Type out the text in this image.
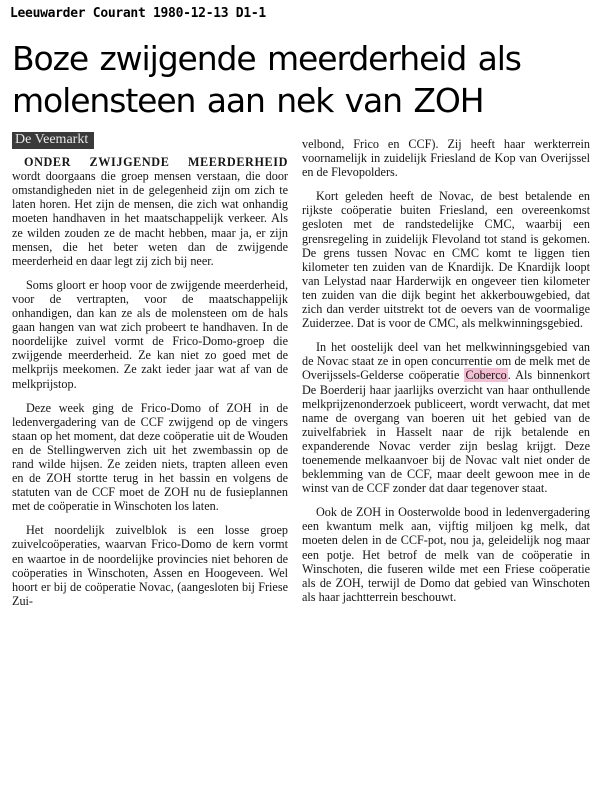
Leeuwarder Courant 1980-12-13 D1-1
Boze zwijgende meerderheid als
molensteen aan nek van ZOH
De Veemarkt

ONDER ZWIJGENDE MEERDERHEID wordt doorgaans die groep mensen verstaan, die door omstandigheden niet in de gelegenheid zijn om zich te laten horen. Het zijn de mensen, die zich wat onhandig moeten handhaven in het maatschappelijk verkeer. Als ze wilden zouden ze de macht hebben, maar ja, er zijn mensen, die het beter weten dan de zwijgende meerderheid en daar legt zij zich bij neer.

Soms gloort er hoop voor de zwijgende meerderheid, voor de vertrapten, voor de maatschappelijk onhandigen, dan kan ze als de molensteen om de hals gaan hangen van wat zich probeert te handhaven. In de noordelijke zuivel vormt de Frico-Domo-groep die zwijgende meerderheid. Ze kan niet zo goed met de melkprijs meekomen. Ze zakt ieder jaar wat af van de melkprijstop.

Deze week ging de Frico-Domo of ZOH in de ledenvergadering van de CCF zwijgend op de vingers staan op het moment, dat deze coöperatie uit de Wouden en de Stellingwerven zich uit het zwembassin op de rand wilde hijsen. Ze zeiden niets, trapten alleen even en de ZOH stortte terug in het bassin en volgens de statuten van de CCF moet de ZOH nu de fusieplannen met de coöperatie in Winschoten los laten.

Het noordelijk zuivelblok is een losse groep zuivelcoöperaties, waarvan Frico-Domo de kern vormt en waartoe in de noordelijke provincies niet behoren de coöperaties in Winschoten, Assen en Hoogeveen. Wel hoort er bij de coöperatie Novac, (aangesloten bij Friese Zui-

velbond, Frico en CCF). Zij heeft haar werkterrein voornamelijk in zuidelijk Friesland de Kop van Overijssel en de Flevopolders.

Kort geleden heeft de Novac, de best betalende en rijkste coöperatie buiten Friesland, een overeenkomst gesloten met de randstedelijke CMC, waarbij een grensregeling in zuidelijk Flevoland tot stand is gekomen. De grens tussen Novac en CMC komt te liggen tien kilometer ten zuiden van de Knardijk. De Knardijk loopt van Lelystad naar Harderwijk en ongeveer tien kilometer ten zuiden van die dijk begint het akkerbouwgebied, dat zich dan verder uitstrekt tot de oevers van de voormalige Zuiderzee. Dat is voor de CMC, als melkwinningsgebied.

In het oostelijk deel van het melkwinningsgebied van de Novac staat ze in open concurrentie om de melk met de Overijssels-Gelderse coöperatie Coberco. Als binnenkort De Boerderij haar jaarlijks overzicht van haar onthullende melkprijzenonderzoek publiceert, wordt verwacht, dat met name de overgang van boeren uit het gebied van de zuivelfabriek in Hasselt naar de rijk betalende en expanderende Novac verder zijn beslag krijgt. Deze toenemende melkaanvoer bij de Novac valt niet onder de beklemming van de CCF, maar deelt gewoon mee in de winst van de CCF zonder dat daar tegenover staat.

Ook de ZOH in Oosterwolde bood in ledenvergadering een kwantum melk aan, vijftig miljoen kg melk, dat moeten delen in de CCF-pot, nou ja, geleidelijk nog maar een potje. Het betrof de melk van de coöperatie in Winschoten, die fuseren wilde met een Friese coöperatie als de ZOH, terwijl de Domo dat gebied van Winschoten als haar jachtterrein beschouwt.
